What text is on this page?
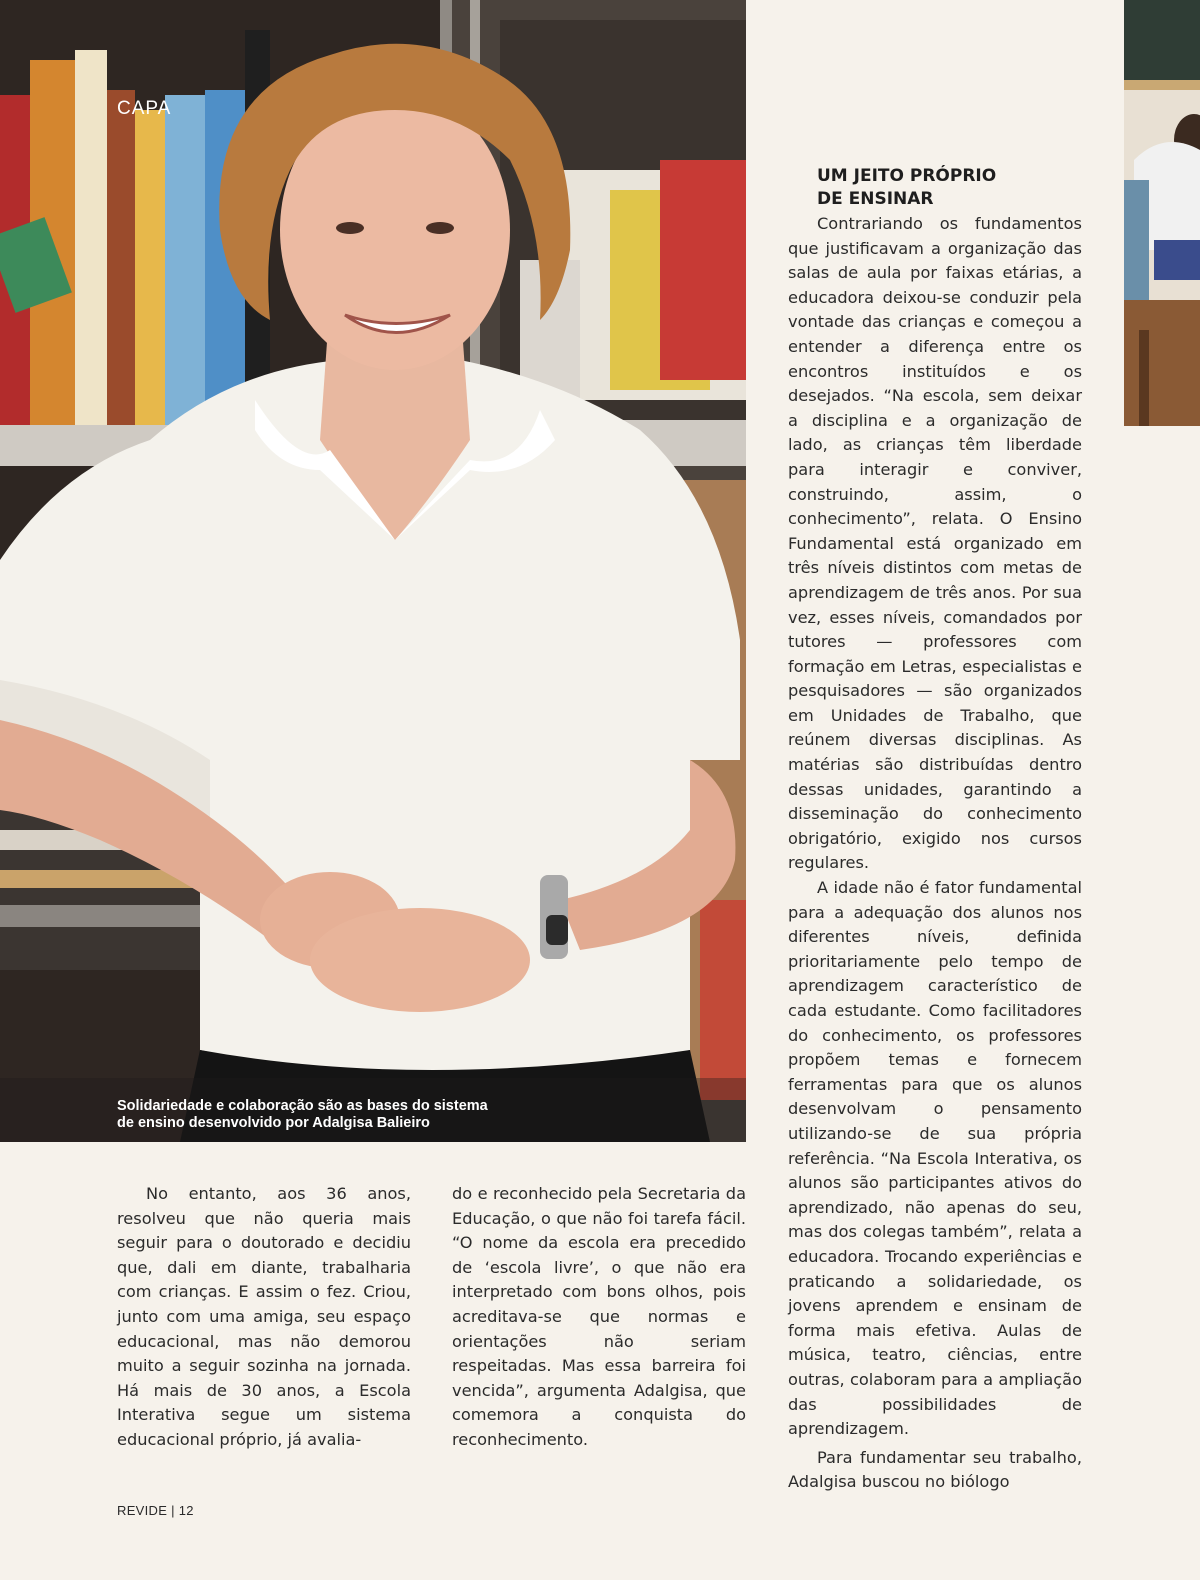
Solidariedade e colaboração são as bases do sistema
de ensino desenvolvido por Adalgisa Balieiro
CAPA

No entanto, aos 36 anos, resolveu que não queria mais seguir para o doutorado e decidiu que, dali em diante, trabalharia com crianças. E assim o fez. Criou, junto com uma amiga, seu espaço educacional, mas não demorou muito a seguir sozinha na jornada. Há mais de 30 anos, a Escola Interativa segue um sistema educacional próprio, já avalia-

do e reconhecido pela Secretaria da Educação, o que não foi tarefa fácil. “O nome da escola era precedido de ‘escola livre’, o que não era interpretado com bons olhos, pois acreditava-se que normas e orientações não seriam respeitadas. Mas essa barreira foi vencida”, argumenta Adalgisa, que comemora a conquista do reconhecimento.

UM JEITO PRÓPRIO
DE ENSINAR

Contrariando os fundamentos que justificavam a organização das salas de aula por faixas etárias, a educadora deixou-se conduzir pela vontade das crianças e começou a entender a diferença entre os encontros instituídos e os desejados. “Na escola, sem deixar a disciplina e a organização de lado, as crianças têm liberdade para interagir e conviver, construindo, assim, o conhecimento”, relata. O Ensino Fundamental está organizado em três níveis distintos com metas de aprendizagem de três anos. Por sua vez, esses níveis, comandados por tutores — professores com formação em Letras, especialistas e pesquisadores — são organizados em Unidades de Trabalho, que reúnem diversas disciplinas. As matérias são distribuídas dentro dessas unidades, garantindo a disseminação do conhecimento obrigatório, exigido nos cursos regulares.

A idade não é fator fundamental para a adequação dos alunos nos diferentes níveis, definida prioritariamente pelo tempo de aprendizagem característico de cada estudante. Como facilitadores do conhecimento, os professores propõem temas e fornecem ferramentas para que os alunos desenvolvam o pensamento utilizando-se de sua própria referência. “Na Escola Interativa, os alunos são participantes ativos do aprendizado, não apenas do seu, mas dos colegas também”, relata a educadora. Trocando experiências e praticando a solidariedade, os jovens aprendem e ensinam de forma mais efetiva. Aulas de música, teatro, ciências, entre outras, colaboram para a ampliação das possibilidades de aprendizagem.

Para fundamentar seu trabalho, Adalgisa buscou no biólogo

REVIDE | 12
